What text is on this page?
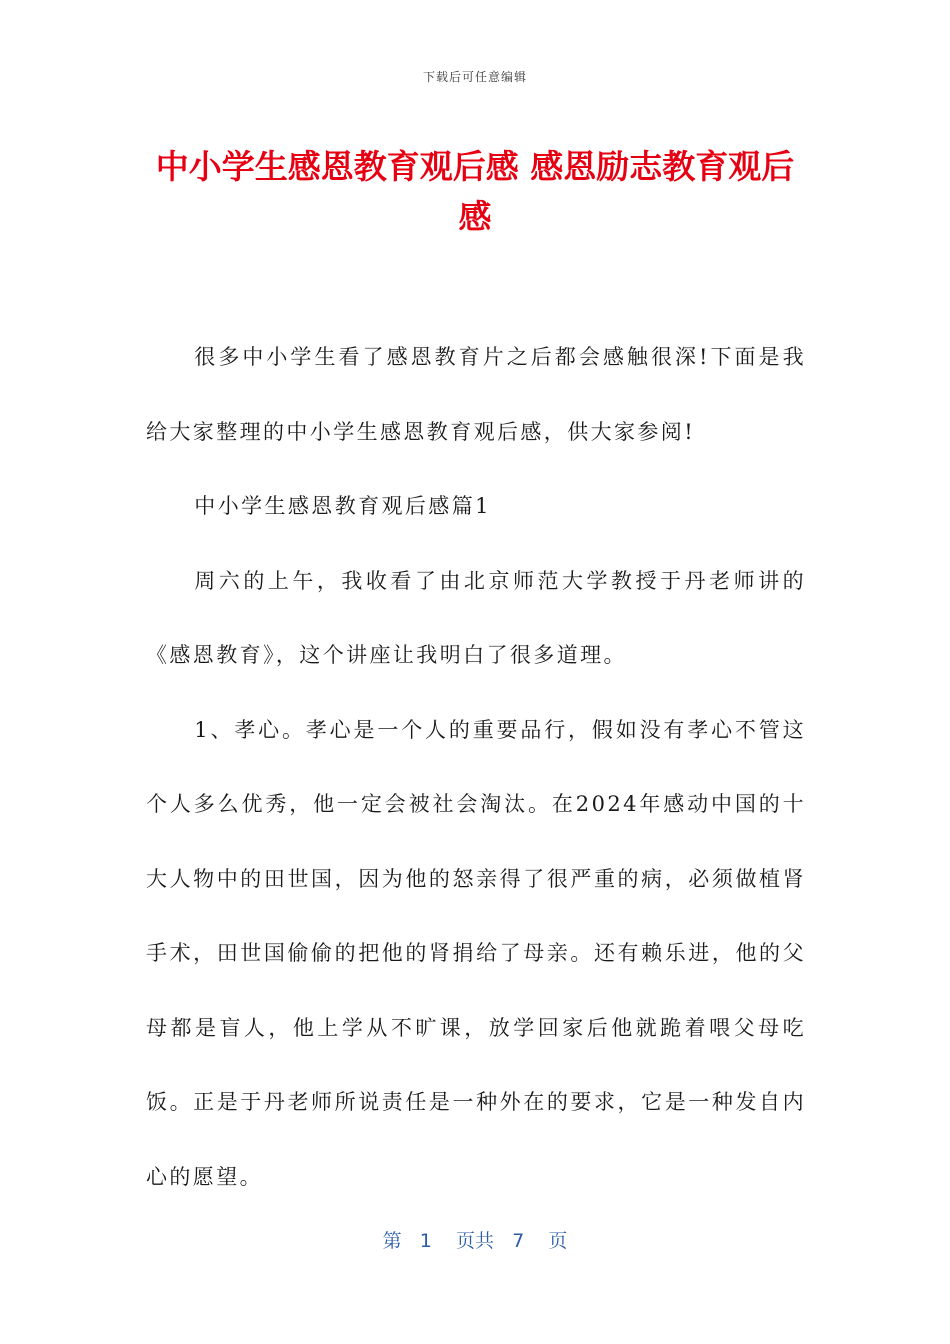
下载后可任意编辑
中小学生感恩教育观后感 感恩励志教育观后感

很多中小学生看了感恩教育片之后都会感触很深!下面是我给大家整理的中小学生感恩教育观后感，供大家参阅!

中小学生感恩教育观后感篇1

周六的上午，我收看了由北京师范大学教授于丹老师讲的《感恩教育》，这个讲座让我明白了很多道理。

1、孝心。孝心是一个人的重要品行，假如没有孝心不管这个人多么优秀，他一定会被社会淘汰。在2024年感动中国的十大人物中的田世国，因为他的怒亲得了很严重的病，必须做植肾手术，田世国偷偷的把他的肾捐给了母亲。还有赖乐进，他的父母都是盲人，他上学从不旷课，放学回家后他就跪着喂父母吃饭。正是于丹老师所说责任是一种外在的要求，它是一种发自内心的愿望。

第 1 页共 7 页
